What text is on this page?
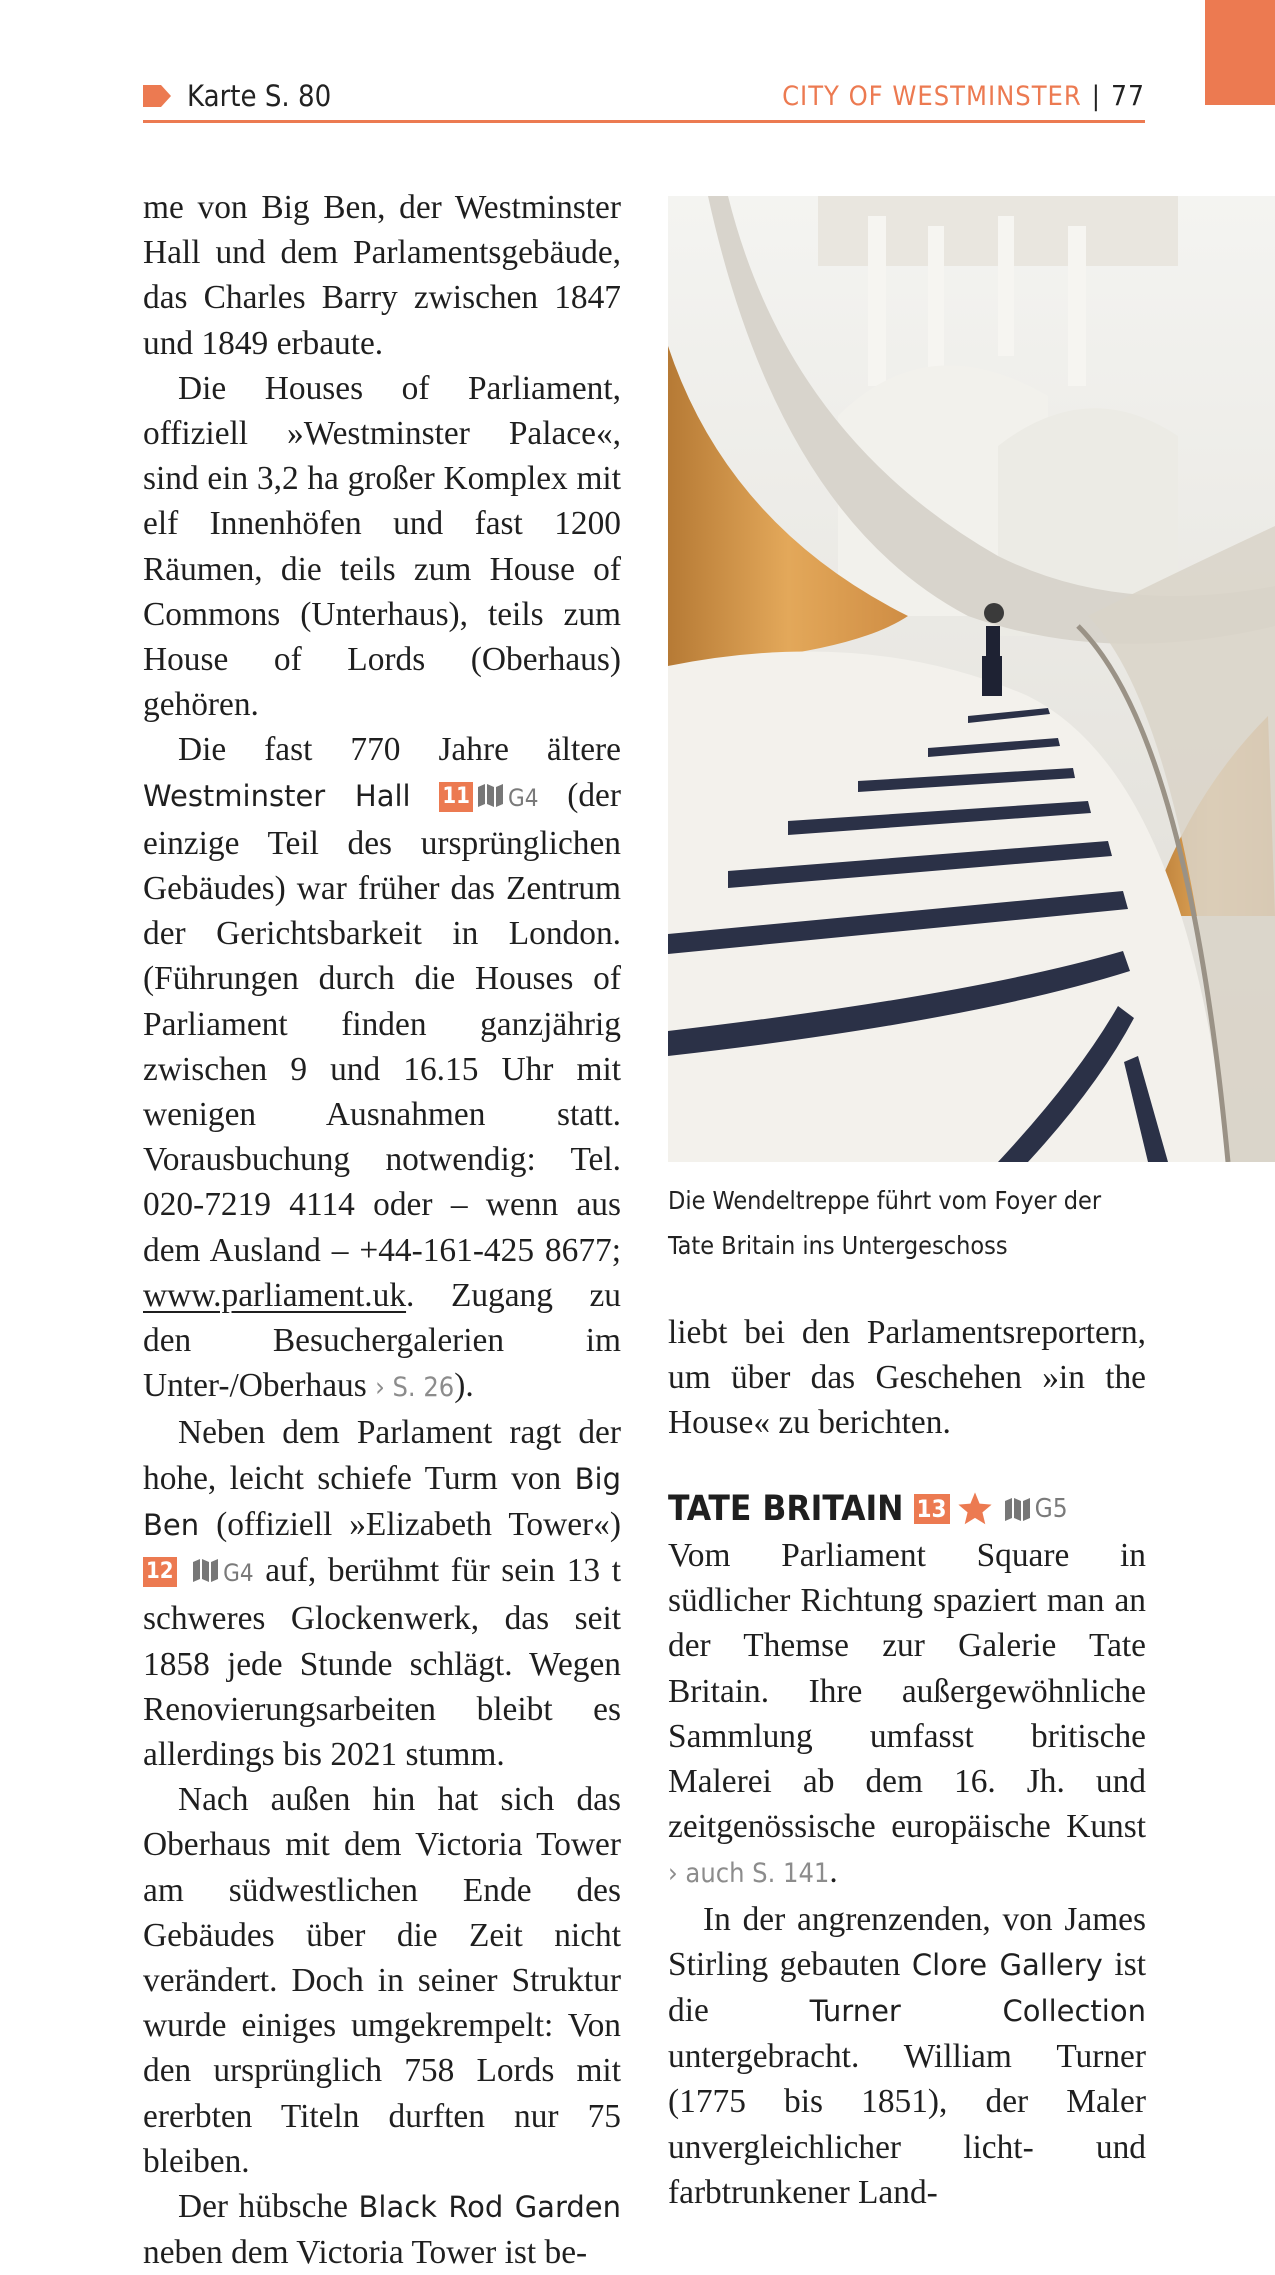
Karte S. 80	CITY OF WESTMINSTER | 77

me von Big Ben, der Westminster Hall und dem Parlamentsgebäude, das Charles Barry zwischen 1847 und 1849 erbaute.

Die Houses of Parliament, offiziell »Westminster Palace«, sind ein 3,2 ha großer Komplex mit elf Innenhöfen und fast 1200 Räumen, die teils zum House of Commons (Unterhaus), teils zum House of Lords (Oberhaus) gehören.

Die fast 770 Jahre ältere Westminster Hall 11 G4 (der einzige Teil des ursprünglichen Gebäudes) war früher das Zentrum der Gerichtsbarkeit in London. (Führungen durch die Houses of Parliament finden ganzjährig zwischen 9 und 16.15 Uhr mit wenigen Ausnahmen statt. Vorausbuchung notwendig: Tel. 020-7219 4114 oder – wenn aus dem Ausland – +44-161-425 8677; www.parliament.uk. Zugang zu den Besuchergalerien im Unter-/Oberhaus › S. 26).

Neben dem Parlament ragt der hohe, leicht schiefe Turm von Big Ben (offiziell »Elizabeth Tower«) 12 G4 auf, berühmt für sein 13 t schweres Glockenwerk, das seit 1858 jede Stunde schlägt. Wegen Renovierungsarbeiten bleibt es allerdings bis 2021 stumm.

Nach außen hin hat sich das Oberhaus mit dem Victoria Tower am südwestlichen Ende des Gebäudes über die Zeit nicht verändert. Doch in seiner Struktur wurde einiges umgekrempelt: Von den ursprünglich 758 Lords mit ererbten Titeln durften nur 75 bleiben.

Der hübsche Black Rod Garden neben dem Victoria Tower ist be-

Die Wendeltreppe führt vom Foyer der Tate Britain ins Untergeschoss

liebt bei den Parlamentsreportern, um über das Geschehen »in the House« zu berichten.

TATE BRITAIN 13	G5

Vom Parliament Square in südlicher Richtung spaziert man an der Themse zur Galerie Tate Britain. Ihre außergewöhnliche Sammlung umfasst britische Malerei ab dem 16. Jh. und zeitgenössische europäische Kunst › auch S. 141.

In der angrenzenden, von James Stirling gebauten Clore Gallery ist die	Turner Collection untergebracht. William Turner (1775 bis 1851), der Maler unvergleichlicher licht- und farbtrunkener Land-
